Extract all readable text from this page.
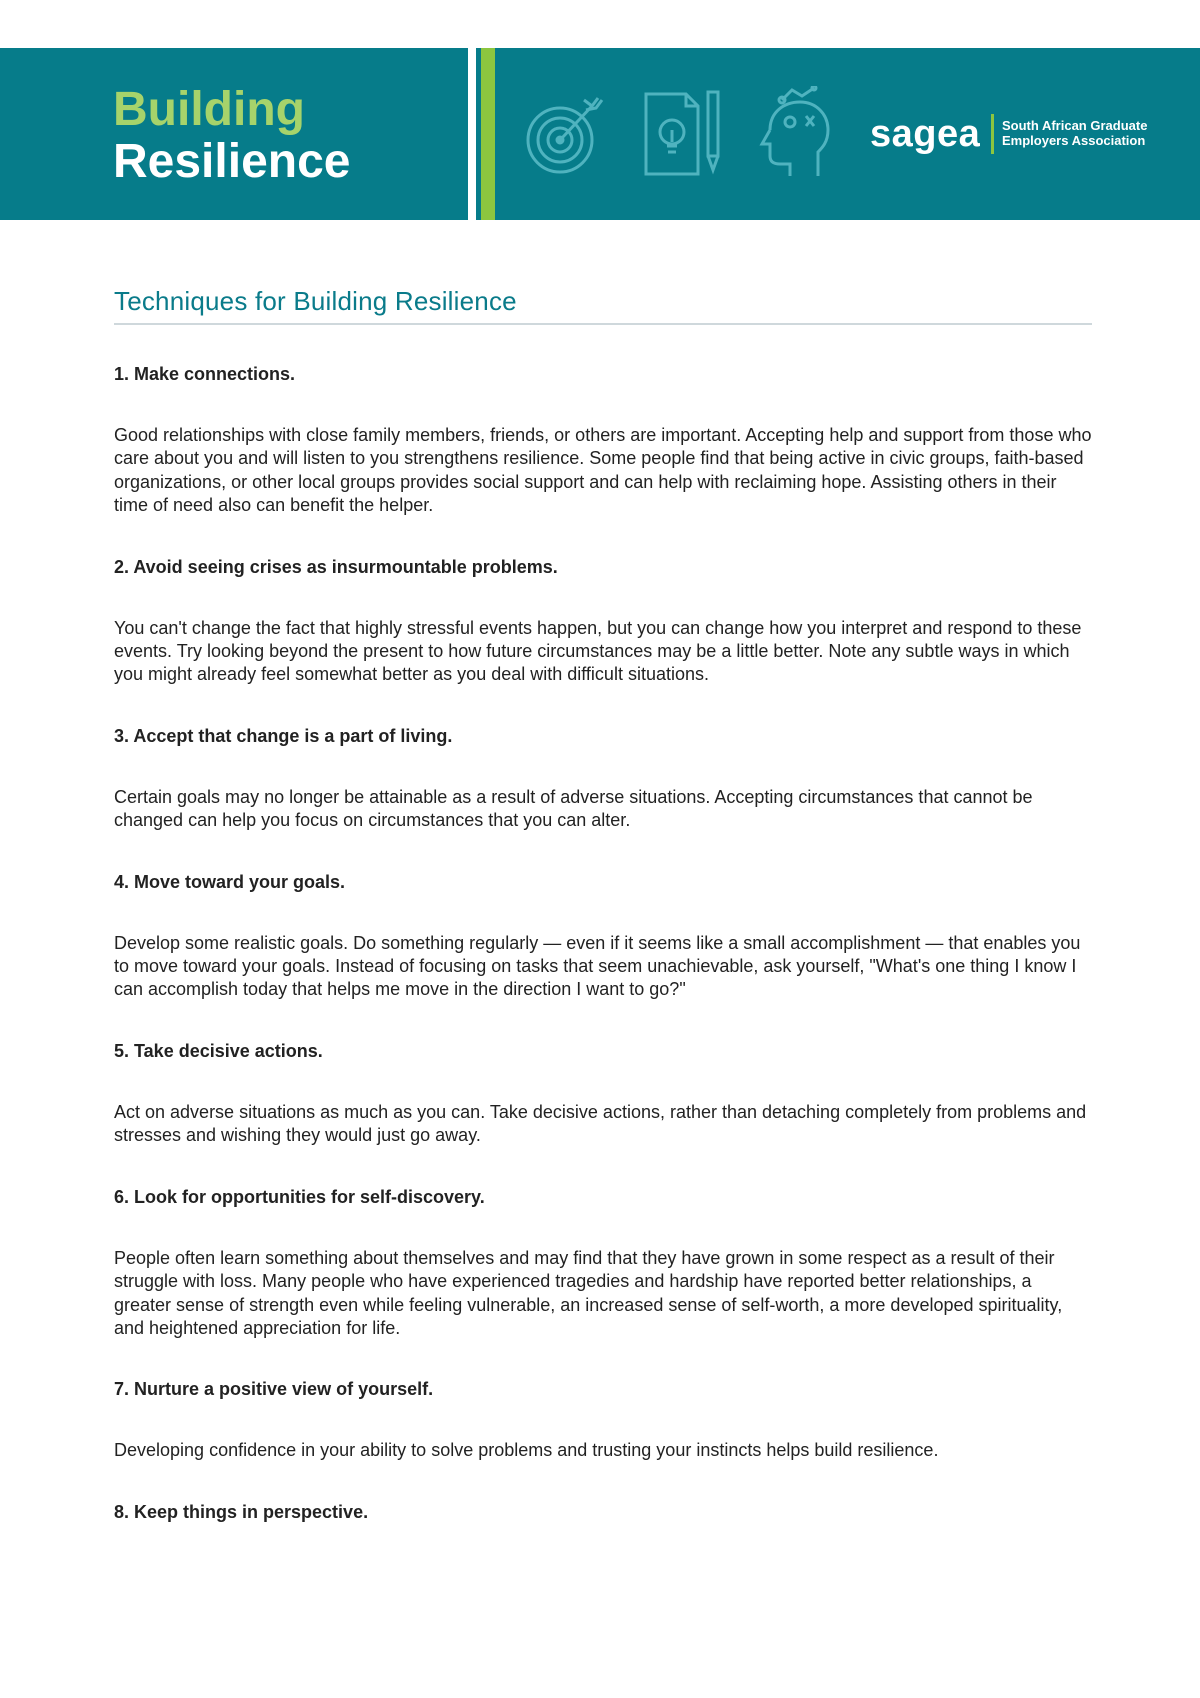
Building
Resilience
sagea South African Graduate
Employers Association
Techniques for Building Resilience

1. Make connections.

Good relationships with close family members, friends, or others are important. Accepting help and support from those who care about you and will listen to you strengthens resilience. Some people find that being active in civic groups, faith-based organizations, or other local groups provides social support and can help with reclaiming hope. Assisting others in their time of need also can benefit the helper.

2. Avoid seeing crises as insurmountable problems.

You can't change the fact that highly stressful events happen, but you can change how you interpret and respond to these events. Try looking beyond the present to how future circumstances may be a little better. Note any subtle ways in which you might already feel somewhat better as you deal with difficult situations.

3. Accept that change is a part of living.

Certain goals may no longer be attainable as a result of adverse situations. Accepting circumstances that cannot be changed can help you focus on circumstances that you can alter.

4. Move toward your goals.

Develop some realistic goals. Do something regularly — even if it seems like a small accomplishment — that enables you to move toward your goals. Instead of focusing on tasks that seem unachievable, ask yourself, "What's one thing I know I can accomplish today that helps me move in the direction I want to go?"

5. Take decisive actions.

Act on adverse situations as much as you can. Take decisive actions, rather than detaching completely from problems and stresses and wishing they would just go away.

6. Look for opportunities for self-discovery.

People often learn something about themselves and may find that they have grown in some respect as a result of their struggle with loss. Many people who have experienced tragedies and hardship have reported better relationships, a greater sense of strength even while feeling vulnerable, an increased sense of self-worth, a more developed spirituality, and heightened appreciation for life.

7. Nurture a positive view of yourself.

Developing confidence in your ability to solve problems and trusting your instincts helps build resilience.

8. Keep things in perspective.
